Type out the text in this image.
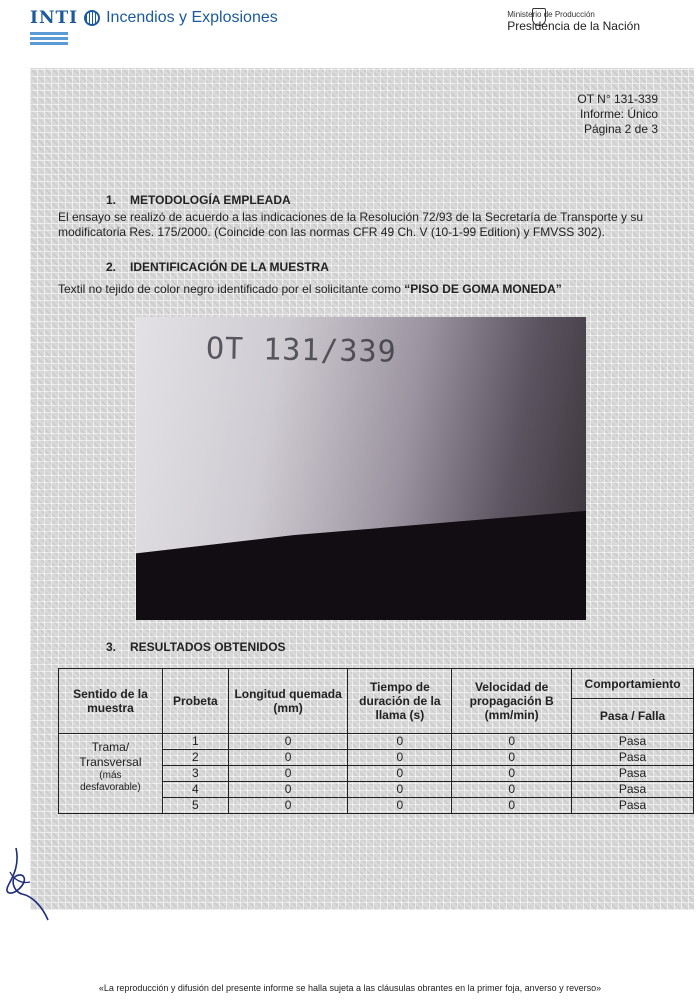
INTI Incendios y Explosiones	Ministerio de Producción
Presidencia de la Nación
OT N° 131-339
Informe: Único
Página 2 de 3
1. METODOLOGÍA EMPLEADA
El ensayo se realizó de acuerdo a las indicaciones de la Resolución 72/93 de la Secretaría de Transporte y su modificatoria Res. 175/2000. (Coincide con las normas CFR 49 Ch. V (10-1-99 Edition) y FMVSS 302).
2. IDENTIFICACIÓN DE LA MUESTRA
Textil no tejido de color negro identificado por el solicitante como “PISO DE GOMA MONEDA”
OT 131/339
3. RESULTADOS OBTENIDOS
Sentido de la muestra	Probeta	Longitud quemada (mm)	Tiempo de duración de la llama (s)	Velocidad de propagación B (mm/min)	Comportamiento
					Pasa / Falla

Trama/
Transversal
(más
desfavorable)	1	0	0	0	Pasa
	2	0	0	0	Pasa
	3	0	0	0	Pasa
	4	0	0	0	Pasa
	5	0	0	0	Pasa
«La reproducción y difusión del presente informe se halla sujeta a las cláusulas obrantes en la primer foja, anverso y reverso»
